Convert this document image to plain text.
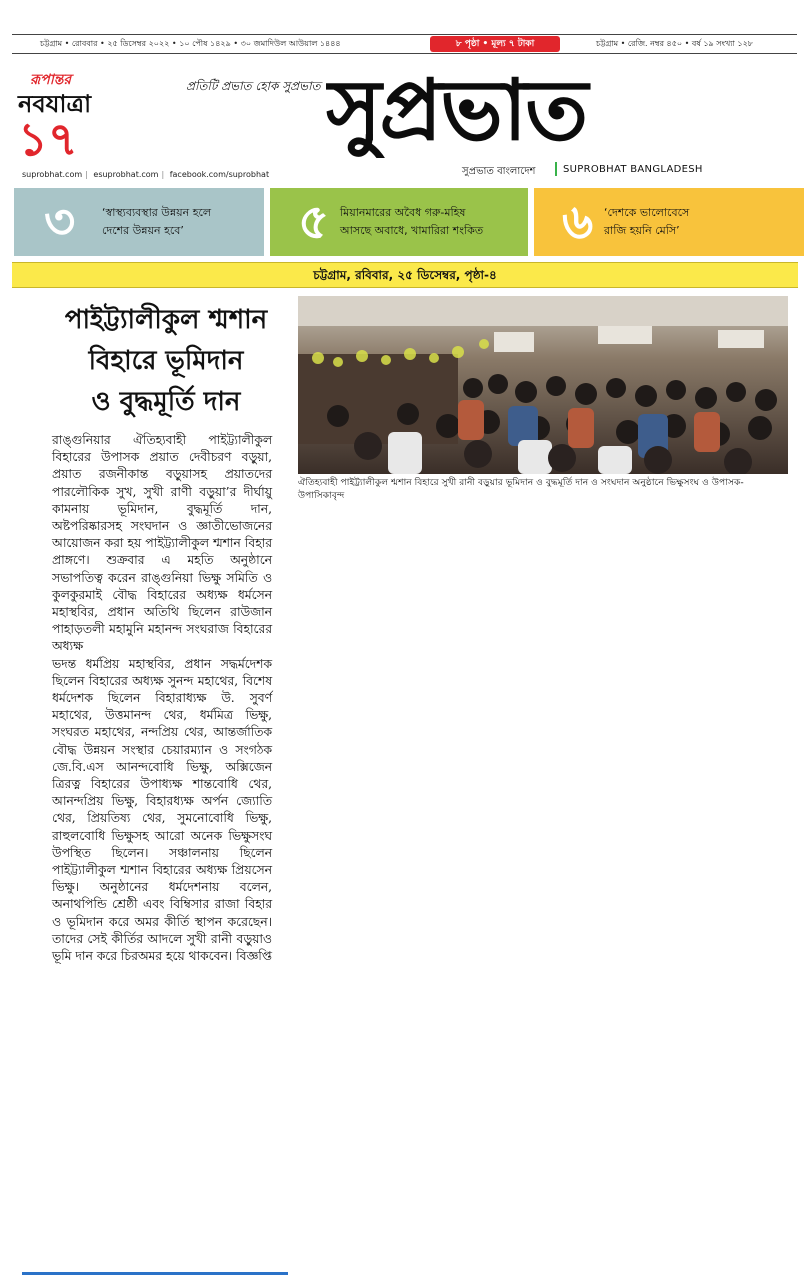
চট্টগ্রাম • রোববার • ২৫ ডিসেম্বর ২০২২ • ১০ পৌষ ১৪২৯ • ৩০ জমাদিউল আউয়াল ১৪৪৪	৮ পৃষ্ঠা • মূল্য ৭ টাকা	চট্টগ্রাম • রেজি. নম্বর ৪৫০ • বর্ষ ১৯ সংখ্যা ১২৮
রূপান্তর
নবযাত্রা
১৭
প্রতিটি প্রভাত হোক সুপ্রভাত সুপ্রভাত
সুপ্রভাত বাংলাদেশ	SUPROBHAT BANGLADESH
suprobhat.com | esuprobhat.com | facebook.com/suprobhat
৩ ‘স্বাস্থ্যব্যবস্থার উন্নয়ন হলে
দেশের উন্নয়ন হবে’	৫ মিয়ানমারের অবৈধ গরু-মহিষ
আসছে অবাধে, খামারিরা শংকিত ৬ ‘দেশকে ভালোবেসে
রাজি হয়নি মেসি’
চট্টগ্রাম, রবিবার, ২৫ ডিসেম্বর, পৃষ্ঠা-৪
পাইট্ট্যালীকুল শ্মশান
বিহারে ভূমিদান
ও বুদ্ধমূর্তি দান
রাঙ্গুনিয়ার ঐতিহ্যবাহী পাইট্ট্যালীকুল বিহারের উপাসক প্রয়াত দেবীচরণ বড়ুয়া, প্রয়াত রজনীকান্ত বড়ুয়াসহ প্রয়াতদের পারলৌকিক সুখ, সুখী রাণী বড়ুয়া’র দীর্ঘায়ু কামনায় ভূমিদান, বুদ্ধমূর্তি দান, অষ্টপরিষ্কারসহ সংঘদান ও জ্ঞাতীভোজনের আয়োজন করা হয় পাইট্ট্যালীকুল শ্মশান বিহার প্রাঙ্গণে। শুক্রবার এ মহতি অনুষ্ঠানে সভাপতিত্ব করেন রাঙ্গুনিয়া ভিক্ষু সমিতি ও কুলকুরমাই বৌদ্ধ বিহারের অধ্যক্ষ ধর্মসেন মহাস্থবির, প্রধান অতিথি ছিলেন রাউজান পাহাড়তলী মহামুনি মহানন্দ সংঘরাজ বিহারের অধ্যক্ষ
ভদন্ত ধর্মপ্রিয় মহাস্থবির, প্রধান সদ্ধর্মদেশক ছিলেন বিহারের অধ্যক্ষ সুনন্দ মহাথের, বিশেষ ধর্মদেশক ছিলেন বিহারাধ্যক্ষ উ. সুবর্ণ মহাথের, উত্তমানন্দ থের, ধর্মমিত্র ভিক্ষু, সংঘরত মহাথের, নন্দপ্রিয় থের, আন্তর্জাতিক বৌদ্ধ উন্নয়ন সংস্থার চেয়ারম্যান ও সংগঠক জে.বি.এস আনন্দবোধি ভিক্ষু, অক্সিজেন ত্রিরত্ন বিহারের উপাধ্যক্ষ শান্তবোধি থের, আনন্দপ্রিয় ভিক্ষু, বিহারধ্যক্ষ অর্পন জ্যোতি থের, প্রিয়তিষ্য থের, সুমনোবোধি ভিক্ষু, রাহুলবোধি ভিক্ষুসহ আরো অনেক ভিক্ষুসংঘ উপস্থিত ছিলেন। সঞ্চালনায় ছিলেন পাইট্ট্যালীকুল শ্মশান বিহারের অধ্যক্ষ প্রিয়সেন ভিক্ষু। অনুষ্ঠানের ধর্মদেশনায় বলেন, অনাথপিন্ডি শ্রেষ্ঠী এবং বিম্বিসার রাজা বিহার ও ভূমিদান করে অমর কীর্তি স্থাপন করেছেন। তাদের সেই কীর্তির আদলে সুখী রানী বড়ুয়াও ভূমি দান করে চিরঅমর হয়ে থাকবেন। বিজ্ঞপ্তি
ঐতিহ্যবাহী পাইট্ট্যালীকুল শ্মশান বিহারে সুখী রানী বড়ুয়ার ভূমিদান ও বুদ্ধমূর্তি দান ও সংঘদান অনুষ্ঠানে ভিক্ষুসংঘ ও উপাসক-উপাসিকাবৃন্দ
